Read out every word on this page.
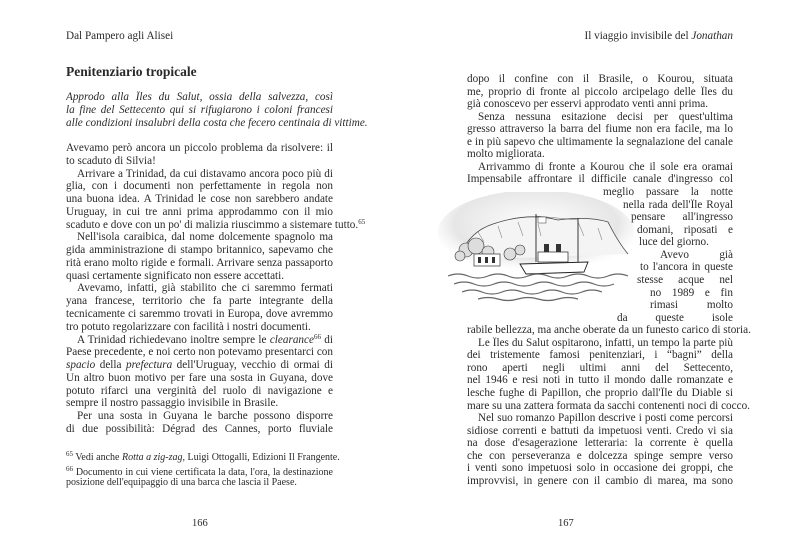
Dal Pampero agli Alisei
Penitenziario tropicale
Approdo alla Îles du Salut, ossia della salvezza, così
la fine del Settecento qui si rifugiarono i coloni francesi
alle condizioni insalubri della costa che fecero centinaia di vittime.
Avevamo però ancora un piccolo problema da risolvere: il
to scaduto di Silvia!
Arrivare a Trinidad, da cui distavamo ancora poco più di
glia, con i documenti non perfettamente in regola non
una buona idea. A Trinidad le cose non sarebbero andate
Uruguay, in cui tre anni prima approdammo con il mio
scaduto e dove con un po' di malizia riuscimmo a sistemare tutto.$^{65}$
Nell'isola caraibica, dal nome dolcemente spagnolo ma
gida amministrazione di stampo britannico, sapevamo che
rità erano molto rigide e formali. Arrivare senza passaporto
quasi certamente significato non essere accettati.
Avevamo, infatti, già stabilito che ci saremmo fermati
yana francese, territorio che fa parte integrante della
tecnicamente ci saremmo trovati in Europa, dove avremmo
tro potuto regolarizzare con facilità i nostri documenti.
A Trinidad richiedevano inoltre sempre le clearance$^{66}$ di
Paese precedente, e noi certo non potevamo presentarci con
spacio della prefectura dell'Uruguay, vecchio di ormai di
Un altro buon motivo per fare una sosta in Guyana, dove
potuto rifarci una verginità del ruolo di navigazione e
sempre il nostro passaggio invisibile in Brasile.
Per una sosta in Guyana le barche possono disporre
di due possibilità: Dégrad des Cannes, porto fluviale
$^{65}$ Vedi anche Rotta a zig-zag, Luigi Ottogalli, Edizioni Il Frangente.
$^{66}$ Documento in cui viene certificata la data, l'ora, la destinazione
posizione dell'equipaggio di una barca che lascia il Paese.
166
Il viaggio invisibile del Jonathan
dopo il confine con il Brasile, o Kourou, situata
me, proprio di fronte al piccolo arcipelago delle Îles du
già conoscevo per esservi approdato venti anni prima.
Senza nessuna esitazione decisi per quest'ultima
gresso attraverso la barra del fiume non era facile, ma lo
e in più sapevo che ultimamente la segnalazione del canale
molto migliorata.
Arrivammo di fronte a Kourou che il sole era oramai
Impensabile affrontare il difficile canale d'ingresso col
meglio passare la notte
nella rada dell'Île Royal
pensare all'ingresso
domani, riposati e
luce del giorno.
Avevo già
to l'ancora in queste
stesse acque nel
no 1989 e fin
rimasi molto
da queste isole
rabile bellezza, ma anche oberate da un funesto carico di storia.
Le Îles du Salut ospitarono, infatti, un tempo la parte più
dei tristemente famosi penitenziari, i “bagni” della
rono aperti negli ultimi anni del Settecento,
nel 1946 e resi noti in tutto il mondo dalle romanzate e
lesche fughe di Papillon, che proprio dall'Île du Diable si
mare su una zattera formata da sacchi contenenti noci di cocco.
Nel suo romanzo Papillon descrive i posti come percorsi
sidiose correnti e battuti da impetuosi venti. Credo vi sia
na dose d'esagerazione letteraria: la corrente è quella
che con perseveranza e dolcezza spinge sempre verso
i venti sono impetuosi solo in occasione dei groppi, che
improvvisi, in genere con il cambio di marea, ma sono
167
